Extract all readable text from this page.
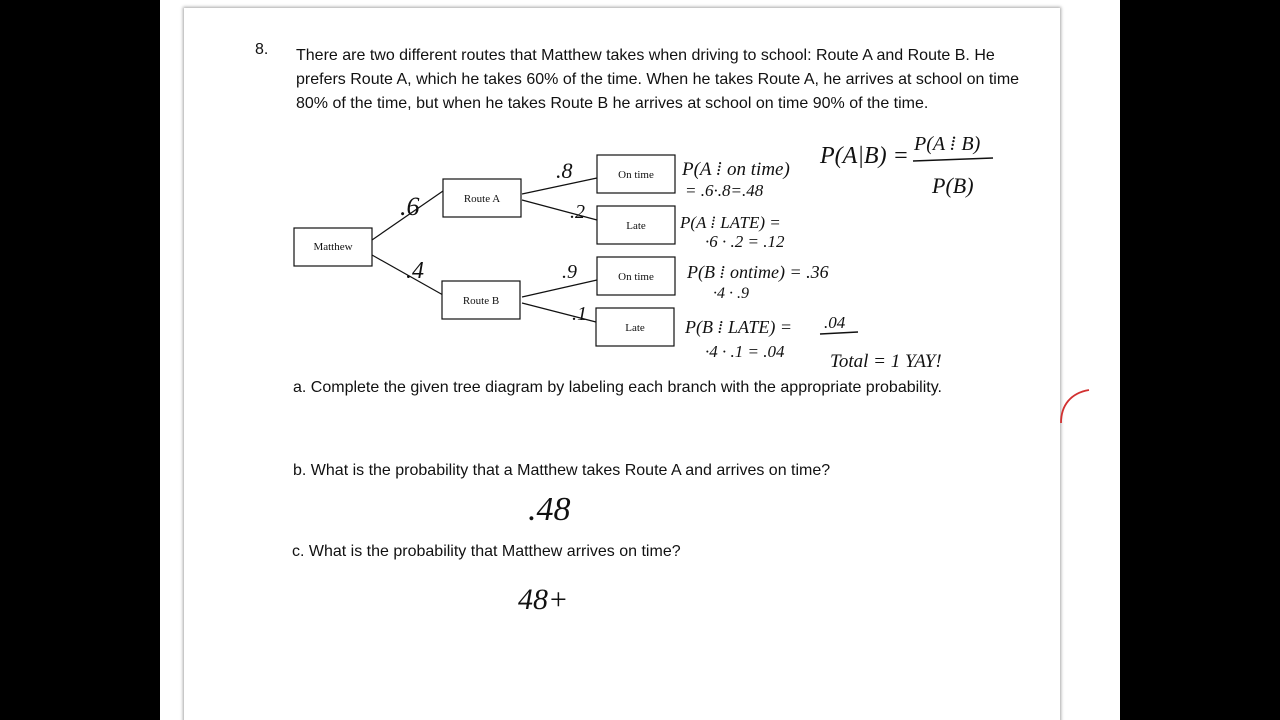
8. There are two different routes that Matthew takes when driving to school: Route A and Route B. He prefers Route A, which he takes 60% of the time. When he takes Route A, he arrives at school on time 80% of the time, but when he takes Route B he arrives at school on time 90% of the time.
Matthew
Route A
Route B
On time
Late
On time
Late
.6
.4
.8
.2
.9
.1
P(A ⁞ on time)
= .6·.8=.48
P(A ⁞ LATE) =
·6 · .2 = .12
P(B ⁞ ontime) = .36
·4 · .9
P(B ⁞ LATE) = .04
·4 · .1 = .04 Total = 1 YAY!
P(A|B) = P(A ⁞ B)
P(B)
.48
48+
a. Complete the given tree diagram by labeling each branch with the appropriate probability.
b. What is the probability that a Matthew takes Route A and arrives on time?
c. What is the probability that Matthew arrives on time?
